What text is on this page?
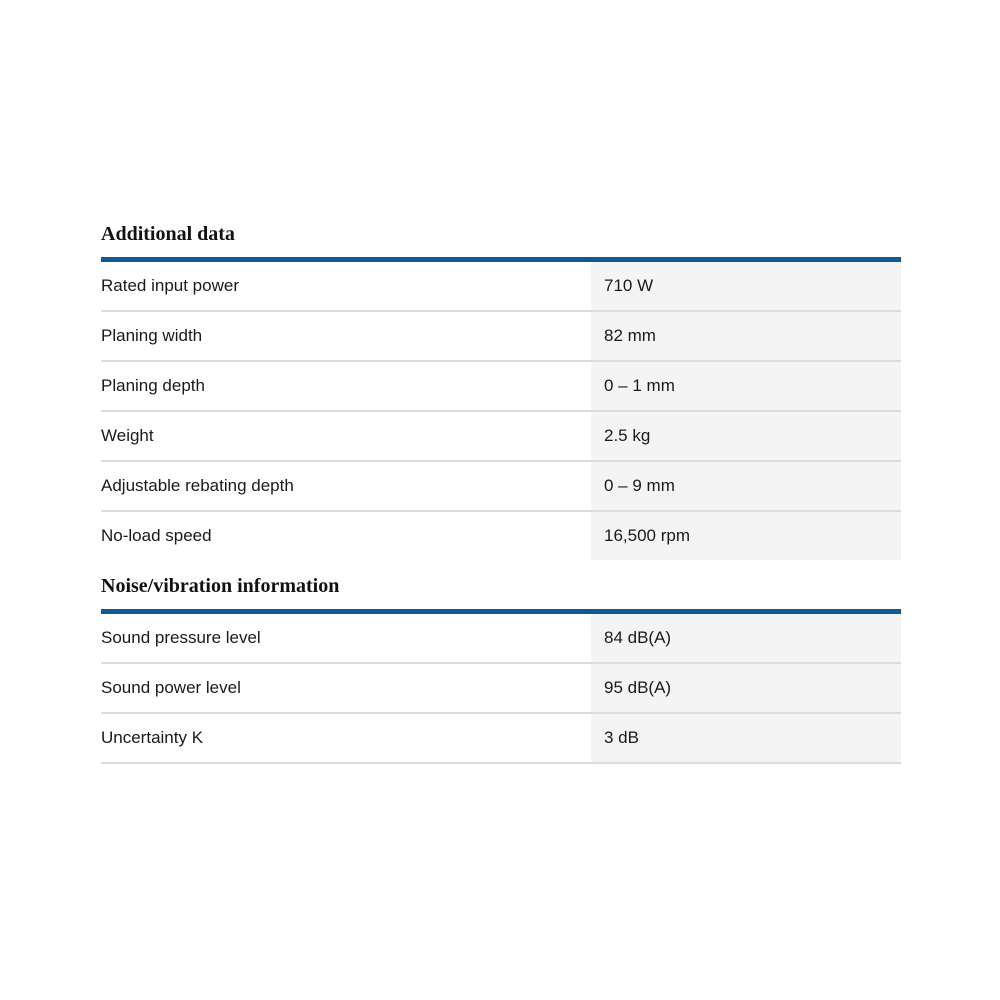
Additional data
Rated input power	710 W
Planing width	82 mm
Planing depth	0 – 1 mm
Weight	2.5 kg
Adjustable rebating depth	0 – 9 mm
No-load speed	16,500 rpm
Noise/vibration information
Sound pressure level	84 dB(A)
Sound power level	95 dB(A)
Uncertainty K	3 dB
